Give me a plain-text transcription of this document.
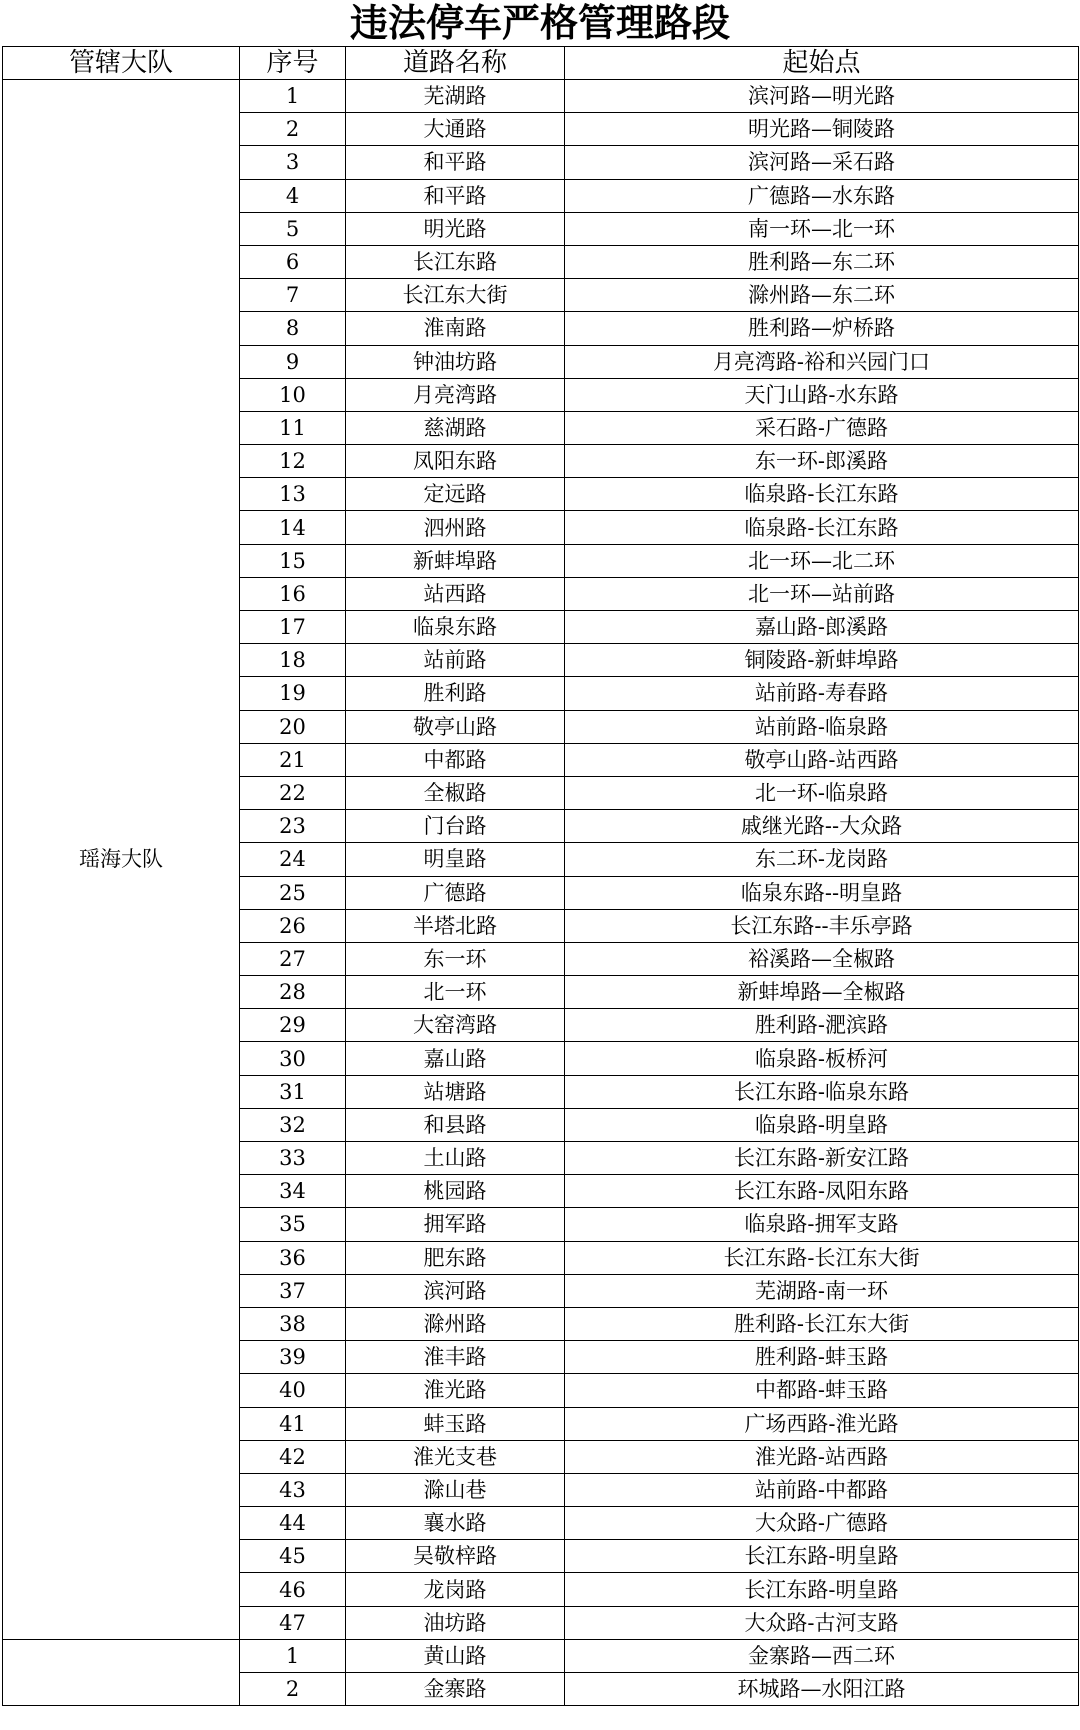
违法停车严格管理路段
管辖大队	序号	道路名称	起始点
瑶海大队	1	芜湖路	滨河路—明光路
	2	大通路	明光路—铜陵路
	3	和平路	滨河路—采石路
	4	和平路	广德路—水东路
	5	明光路	南一环—北一环
	6	长江东路	胜利路—东二环
	7	长江东大街	滁州路—东二环
	8	淮南路	胜利路—炉桥路
	9	钟油坊路	月亮湾路-裕和兴园门口
	10	月亮湾路	天门山路-水东路
	11	慈湖路	采石路-广德路
	12	凤阳东路	东一环-郎溪路
	13	定远路	临泉路-长江东路
	14	泗州路	临泉路-长江东路
	15	新蚌埠路	北一环—北二环
	16	站西路	北一环—站前路
	17	临泉东路	嘉山路-郎溪路
	18	站前路	铜陵路-新蚌埠路
	19	胜利路	站前路-寿春路
	20	敬亭山路	站前路-临泉路
	21	中都路	敬亭山路-站西路
	22	全椒路	北一环-临泉路
	23	门台路	戚继光路--大众路
	24	明皇路	东二环-龙岗路
	25	广德路	临泉东路--明皇路
	26	半塔北路	长江东路--丰乐亭路
	27	东一环	裕溪路—全椒路
	28	北一环	新蚌埠路—全椒路
	29	大窑湾路	胜利路-淝滨路
	30	嘉山路	临泉路-板桥河
	31	站塘路	长江东路-临泉东路
	32	和县路	临泉路-明皇路
	33	土山路	长江东路-新安江路
	34	桃园路	长江东路-凤阳东路
	35	拥军路	临泉路-拥军支路
	36	肥东路	长江东路-长江东大街
	37	滨河路	芜湖路-南一环
	38	滁州路	胜利路-长江东大街
	39	淮丰路	胜利路-蚌玉路
	40	淮光路	中都路-蚌玉路
	41	蚌玉路	广场西路-淮光路
	42	淮光支巷	淮光路-站西路
	43	滁山巷	站前路-中都路
	44	襄水路	大众路-广德路
	45	吴敬梓路	长江东路-明皇路
	46	龙岗路	长江东路-明皇路
	47	油坊路	大众路-古河支路
	1	黄山路	金寨路—西二环
	2	金寨路	环城路—水阳江路
